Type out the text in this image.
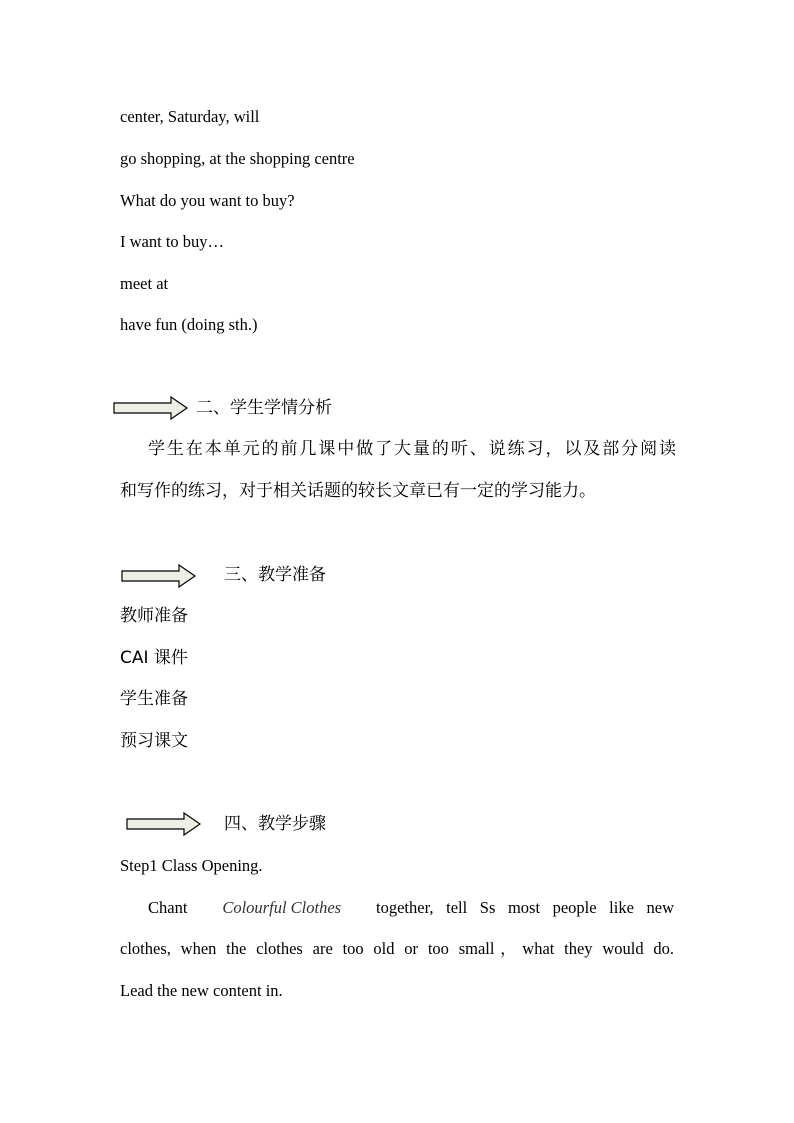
center, Saturday, will
go shopping, at the shopping centre
What do you want to buy?
I want to buy…
meet at
have fun (doing sth.)
二、学生学情分析
学生在本单元的前几课中做了大量的听、说练习，以及部分阅读
和写作的练习，对于相关话题的较长文章已有一定的学习能力。
三、教学准备
教师准备
CAI 课件
学生准备
预习课文
四、教学步骤
Step1 Class Opening.
Chant Colourful Clothes together, tell Ss most people like new
clothes, when the clothes are too old or too small，what they would do.
Lead the new content in.
